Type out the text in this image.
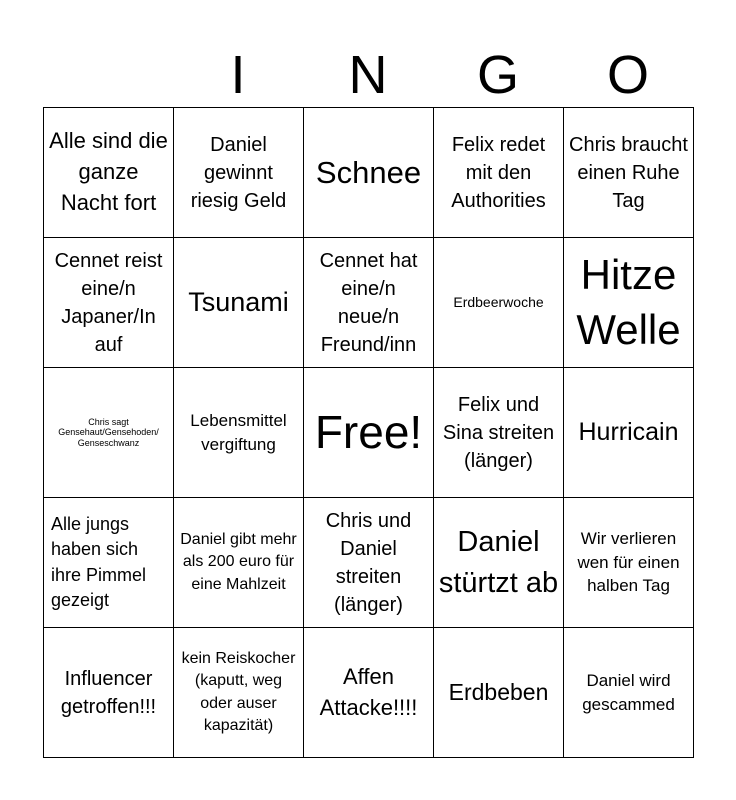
I	N	G	O
Alle sind die ganze Nacht fort	Daniel gewinnt riesig Geld	Schnee	Felix redet mit den Authorities	Chris braucht einen Ruhe Tag

Cennet reist eine/n Japaner/In auf	Tsunami	Cennet hat eine/n neue/n Freund/inn	Erdbeerwoche	Hitze Welle

Chris sagt Gensehaut/Gensehoden/ Genseschwanz	Lebensmittel vergiftung	Free!	Felix und Sina streiten (länger)	Hurricain

Alle jungs haben sich ihre Pimmel gezeigt	Daniel gibt mehr als 200 euro für eine Mahlzeit	Chris und Daniel streiten (länger)	Daniel stürtzt ab	Wir verlieren wen für einen halben Tag

Influencer getroffen!!!	kein Reiskocher (kaputt, weg oder auser kapazität)	Affen Attacke!!!!	Erdbeben	Daniel wird gescammed
